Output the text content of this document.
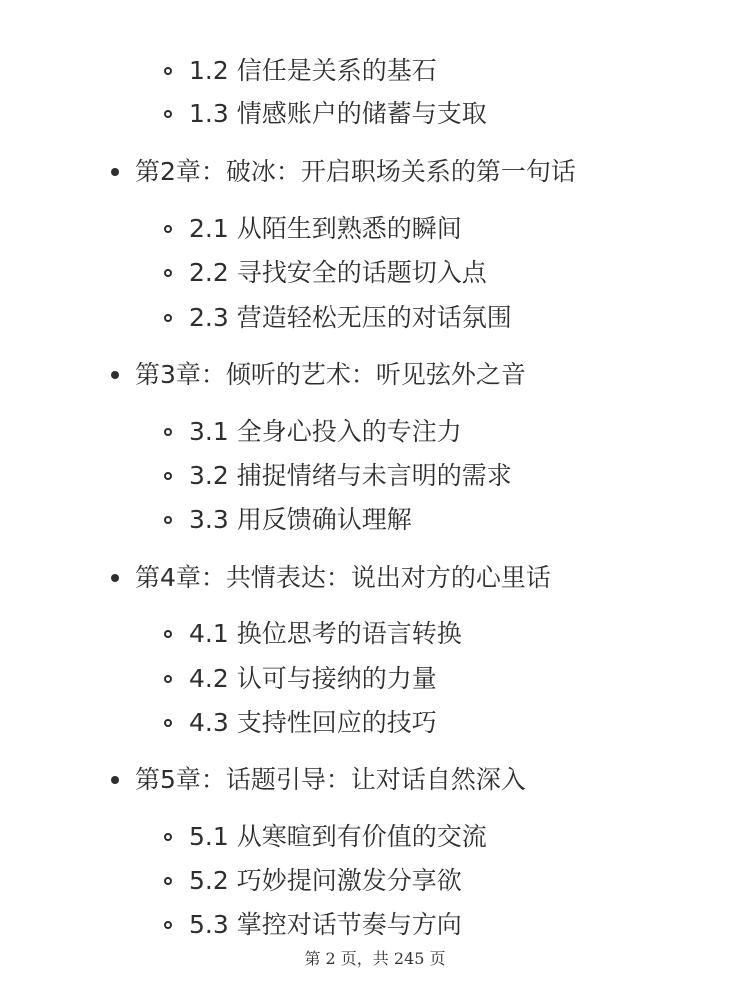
1.2 信任是关系的基石
1.3 情感账户的储蓄与支取
第2章：破冰：开启职场关系的第一句话
2.1 从陌生到熟悉的瞬间
2.2 寻找安全的话题切入点
2.3 营造轻松无压的对话氛围
第3章：倾听的艺术：听见弦外之音
3.1 全身心投入的专注力
3.2 捕捉情绪与未言明的需求
3.3 用反馈确认理解
第4章：共情表达：说出对方的心里话
4.1 换位思考的语言转换
4.2 认可与接纳的力量
4.3 支持性回应的技巧
第5章：话题引导：让对话自然深入
5.1 从寒暄到有价值的交流
5.2 巧妙提问激发分享欲
5.3 掌控对话节奏与方向
第 2 页，共 245 页
